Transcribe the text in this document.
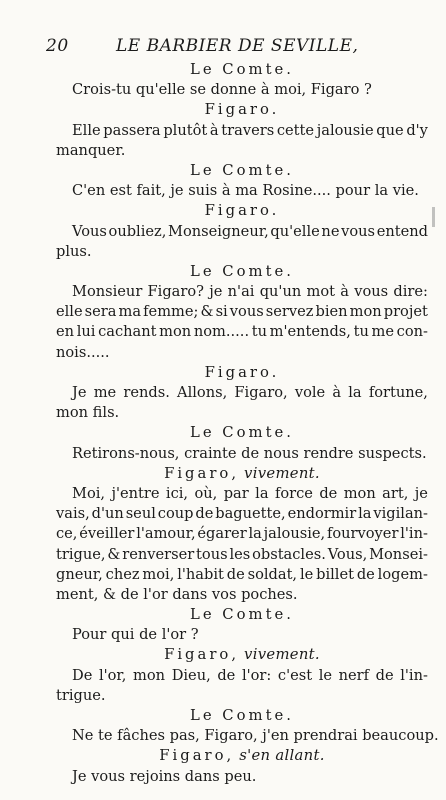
20	LE BARBIER DE SEVILLE,
Le Comte.
Crois-tu qu'elle se donne à moi, Figaro ?
Figaro.
Elle passera plutôt à travers cette jalousie que d'y
manquer.
Le Comte.
C'en est fait, je suis à ma Rosine.... pour la vie.
Figaro.
Vous oubliez, Monseigneur, qu'elle ne vous entend
plus.
Le Comte.
Monsieur Figaro? je n'ai qu'un mot à vous dire:
elle sera ma femme; & si vous servez bien mon projet
en lui cachant mon nom..... tu m'entends, tu me con-
nois.....
Figaro.
Je me rends. Allons, Figaro, vole à la fortune,
mon fils.
Le Comte.
Retirons-nous, crainte de nous rendre suspects.
Figaro, vivement.
Moi, j'entre ici, où, par la force de mon art, je
vais, d'un seul coup de baguette, endormir la vigilan-
ce, éveiller l'amour, égarer la jalousie, fourvoyer l'in-
trigue, & renverser tous les obstacles. Vous, Monsei-
gneur, chez moi, l'habit de soldat, le billet de logem-
ment, & de l'or dans vos poches.
Le Comte.
Pour qui de l'or ?
Figaro, vivement.
De l'or, mon Dieu, de l'or: c'est le nerf de l'in-
trigue.
Le Comte.
Ne te fâches pas, Figaro, j'en prendrai beaucoup.
Figaro, s'en allant.
Je vous rejoins dans peu.
